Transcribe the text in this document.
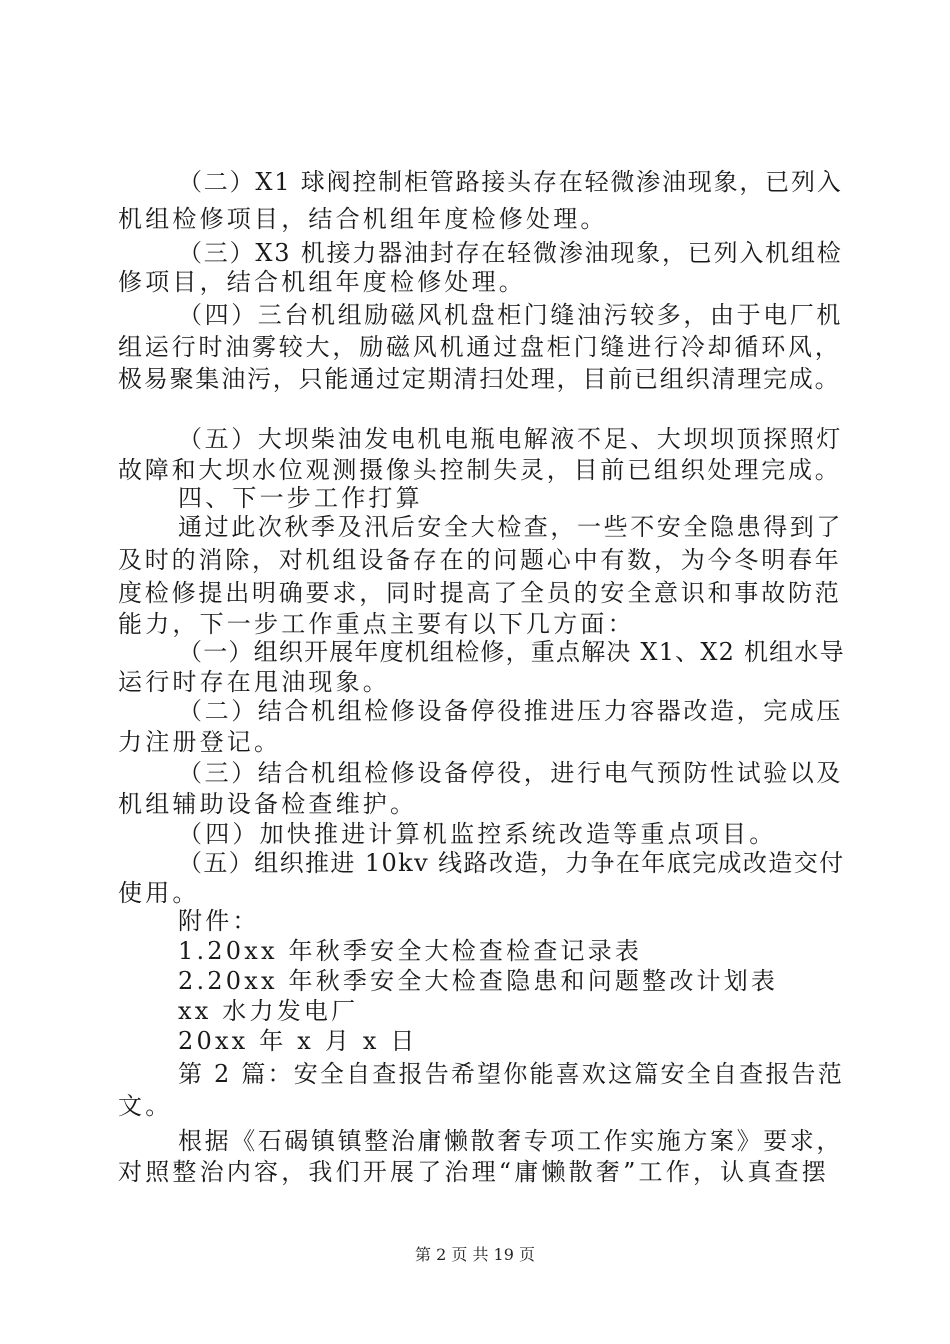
（二）X1 球阀控制柜管路接头存在轻微渗油现象，已列入
机组检修项目，结合机组年度检修处理。
（三）X3 机接力器油封存在轻微渗油现象，已列入机组检
修项目，结合机组年度检修处理。
（四）三台机组励磁风机盘柜门缝油污较多，由于电厂机
组运行时油雾较大，励磁风机通过盘柜门缝进行冷却循环风，
极易聚集油污，只能通过定期清扫处理，目前已组织清理完成。
（五）大坝柴油发电机电瓶电解液不足、大坝坝顶探照灯
故障和大坝水位观测摄像头控制失灵，目前已组织处理完成。
四、下一步工作打算
通过此次秋季及汛后安全大检查，一些不安全隐患得到了
及时的消除，对机组设备存在的问题心中有数，为今冬明春年
度检修提出明确要求，同时提高了全员的安全意识和事故防范
能力，下一步工作重点主要有以下几方面：
（一）组织开展年度机组检修，重点解决 X1、X2 机组水导
运行时存在甩油现象。
（二）结合机组检修设备停役推进压力容器改造，完成压
力注册登记。
（三）结合机组检修设备停役，进行电气预防性试验以及
机组辅助设备检查维护。
（四）加快推进计算机监控系统改造等重点项目。
（五）组织推进 10kv 线路改造，力争在年底完成改造交付
使用。
附件：
1.20xx 年秋季安全大检查检查记录表
2.20xx 年秋季安全大检查隐患和问题整改计划表
xx 水力发电厂
20xx 年 x 月 x 日
第 2 篇：安全自查报告希望你能喜欢这篇安全自查报告范
文。
根据《石碣镇镇整治庸懒散奢专项工作实施方案》要求，
对照整治内容，我们开展了治理“庸懒散奢”工作，认真查摆
第 2 页 共 19 页
